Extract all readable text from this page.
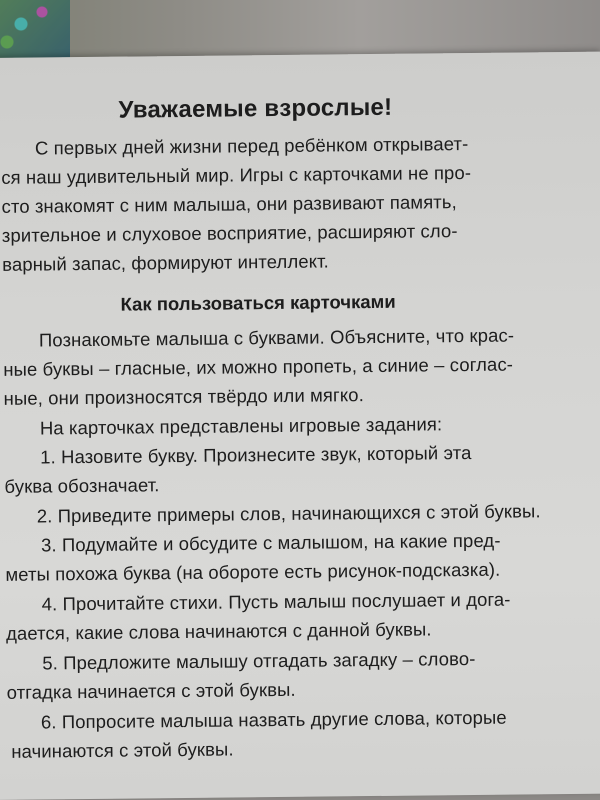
Уважаемые взрослые!
С первых дней жизни перед ребёнком открывает-
ся наш удивительный мир. Игры с карточками не про-
сто знакомят с ним малыша, они развивают память,
зрительное и слуховое восприятие, расширяют сло-
варный запас, формируют интеллект.
Как пользоваться карточками
Познакомьте малыша с буквами. Объясните, что крас-
ные буквы – гласные, их можно пропеть, а синие – соглас-
ные, они произносятся твёрдо или мягко.
На карточках представлены игровые задания:
1. Назовите букву. Произнесите звук, который эта
буква обозначает.
2. Приведите примеры слов, начинающихся с этой буквы.
3. Подумайте и обсудите с малышом, на какие пред-
меты похожа буква (на обороте есть рисунок-подсказка).
4. Прочитайте стихи. Пусть малыш послушает и дога-
дается, какие слова начинаются с данной буквы.
5. Предложите малышу отгадать загадку – слово-
отгадка начинается с этой буквы.
6. Попросите малыша назвать другие слова, которые
начинаются с этой буквы.
